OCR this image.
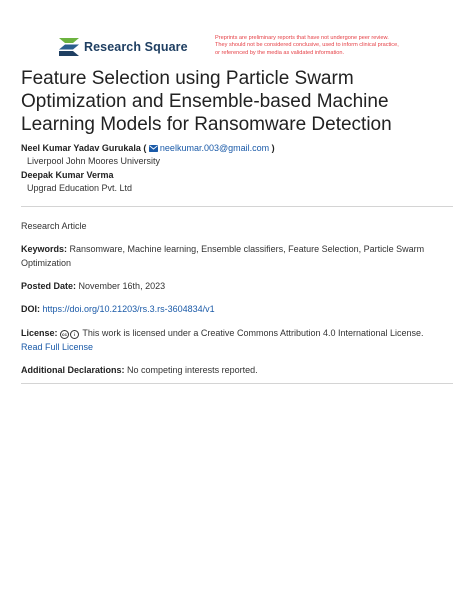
Research Square
Preprints are preliminary reports that have not undergone peer review.
They should not be considered conclusive, used to inform clinical practice,
or referenced by the media as validated information.
Feature Selection using Particle Swarm Optimization and Ensemble-based Machine Learning Models for Ransomware Detection
Neel Kumar Yadav Gurukala ( neelkumar.003@gmail.com )
Liverpool John Moores University
Deepak Kumar Verma
Upgrad Education Pvt. Ltd
Research Article
Keywords: Ransomware, Machine learning, Ensemble classifiers, Feature Selection, Particle Swarm Optimization
Posted Date: November 16th, 2023
DOI: https://doi.org/10.21203/rs.3.rs-3604834/v1
License: cc i This work is licensed under a Creative Commons Attribution 4.0 International License.
Read Full License
Additional Declarations: No competing interests reported.
